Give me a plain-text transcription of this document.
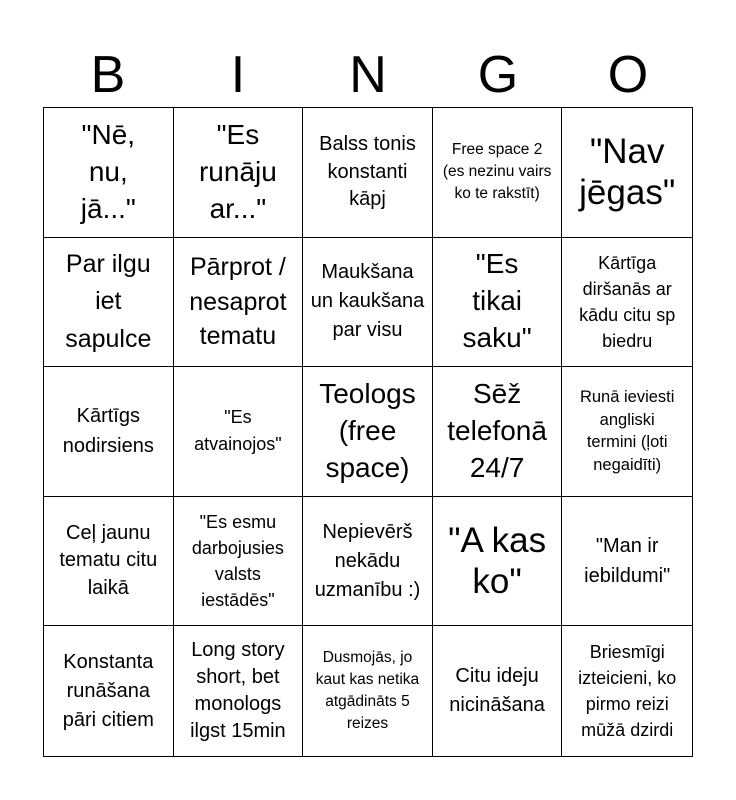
B	I	N	G	O
"Nē, nu, jā..."
"Es runāju ar..."
Balss tonis konstanti kāpj
Free space 2 (es nezinu vairs ko te rakstīt)
"Nav jēgas"
Par ilgu iet sapulce
Pārprot / nesaprot tematu
Maukšana un kaukšana par visu
"Es tikai saku"
Kārtīga diršanās ar kādu citu sp biedru
Kārtīgs nodirsiens
"Es atvainojos"
Teologs (free space)
Sēž telefonā 24/7
Runā ieviesti angliski termini (ļoti negaidīti)
Ceļ jaunu tematu citu laikā
"Es esmu darbojusies valsts iestādēs"
Nepievērš nekādu uzmanību :)
"A kas ko"
"Man ir iebildumi"
Konstanta runāšana pāri citiem
Long story short, bet monologs ilgst 15min
Dusmojās, jo kaut kas netika atgādināts 5 reizes
Citu ideju nicināšana
Briesmīgi izteicieni, ko pirmo reizi mūžā dzirdi
